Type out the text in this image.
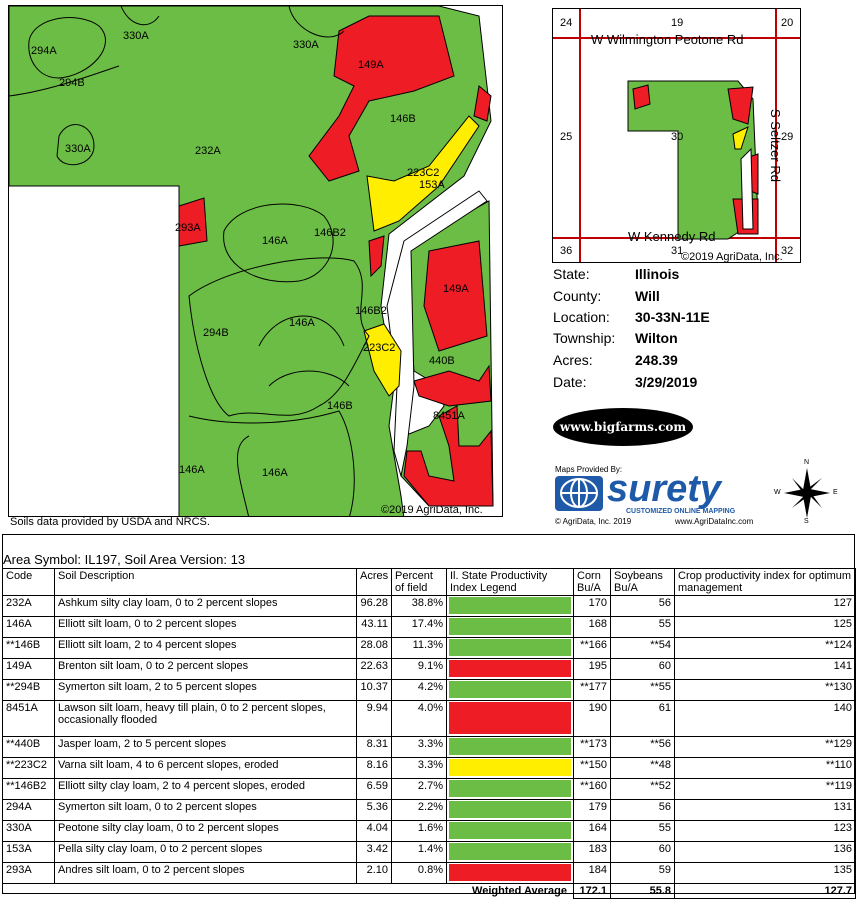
294A
330A
330A
149A
294B
146B
330A	232A
223C2
153A
293A
146A
146B2
149A
146B2
294B
146A
223C2
440B
146B
8451A
146A	146A
©2019 AgriData, Inc.
Soils data provided by USDA and NRCS.
24	19	20
25	30	29
36	31	32
W Wilmington Peotone Rd
S Seltzer Rd
W Kennedy Rd
©2019 AgriData, Inc.
State:	Illinois
County:	Will
Location:	30-33N-11E
Township:	Wilton
Acres:	248.39
Date:	3/29/2019
www.bigfarms.com
Maps Provided By:
surety
CUSTOMIZED ONLINE MAPPING
© AgriData, Inc. 2019	www.AgriDataInc.com
N
S
W	E
Area Symbol: IL197, Soil Area Version: 13
Code	Soil Description	Acres	Percent of field	Il. State Productivity Index Legend	Corn Bu/A	Soybeans Bu/A	Crop productivity index for optimum management
232A	Ashkum silty clay loam, 0 to 2 percent slopes	96.28	38.8%		170	56	127
146A	Elliott silt loam, 0 to 2 percent slopes	43.11	17.4%		168	55	125
**146B	Elliott silt loam, 2 to 4 percent slopes	28.08	11.3%		**166	**54	**124
149A	Brenton silt loam, 0 to 2 percent slopes	22.63	9.1%		195	60	141
**294B	Symerton silt loam, 2 to 5 percent slopes	10.37	4.2%		**177	**55	**130
8451A	Lawson silt loam, heavy till plain, 0 to 2 percent slopes, occasionally flooded	9.94	4.0%		190	61	140
**440B	Jasper loam, 2 to 5 percent slopes	8.31	3.3%		**173	**56	**129
**223C2	Varna silt loam, 4 to 6 percent slopes, eroded	8.16	3.3%		**150	**48	**110
**146B2	Elliott silty clay loam, 2 to 4 percent slopes, eroded	6.59	2.7%		**160	**52	**119
294A	Symerton silt loam, 0 to 2 percent slopes	5.36	2.2%		179	56	131
330A	Peotone silty clay loam, 0 to 2 percent slopes	4.04	1.6%		164	55	123
153A	Pella silty clay loam, 0 to 2 percent slopes	3.42	1.4%		183	60	136
293A	Andres silt loam, 0 to 2 percent slopes	2.10	0.8%		184	59	135
Weighted Average					172.1	55.8	127.7
